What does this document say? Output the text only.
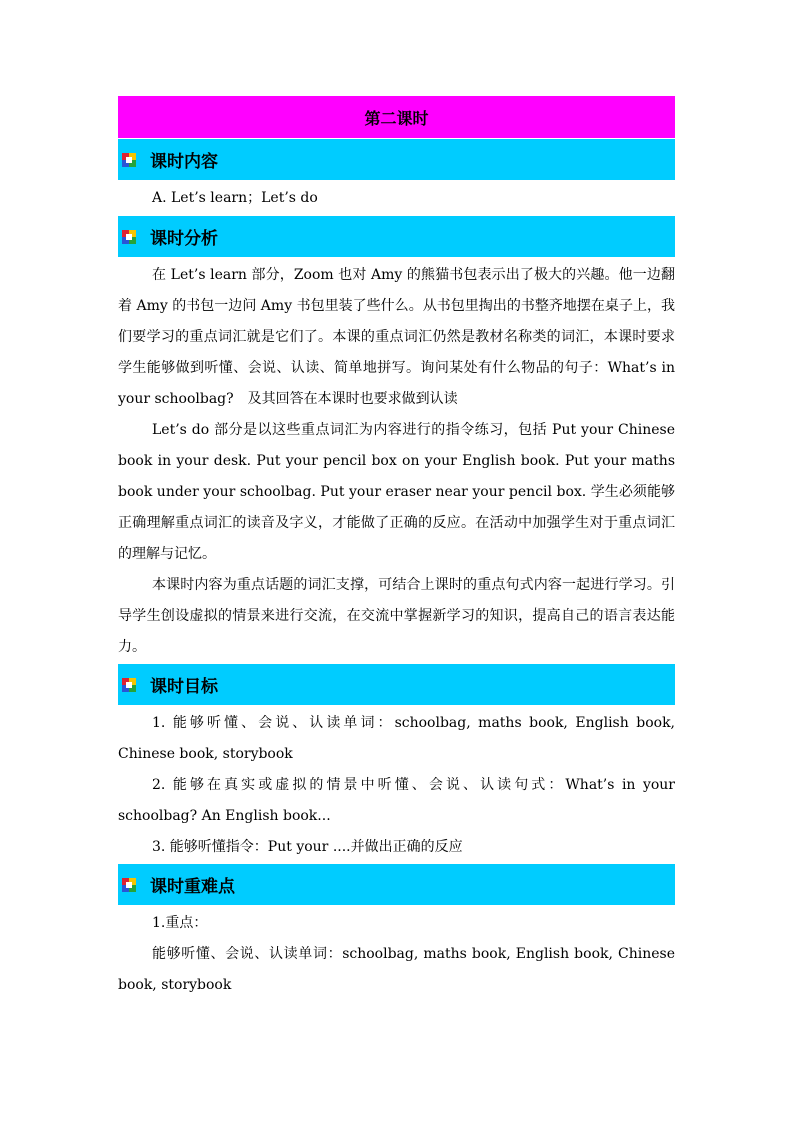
第二课时
课时内容

A. Let’s learn；Let’s do

课时分析

在 Let’s learn 部分，Zoom 也对 Amy 的熊猫书包表示出了极大的兴趣。他一边翻着 Amy 的书包一边问 Amy 书包里装了些什么。从书包里掏出的书整齐地摆在桌子上，我们要学习的重点词汇就是它们了。本课的重点词汇仍然是教材名称类的词汇，本课时要求学生能够做到听懂、会说、认读、简单地拼写。询问某处有什么物品的句子：What’s in your schoolbag?　及其回答在本课时也要求做到认读

Let’s do 部分是以这些重点词汇为内容进行的指令练习，包括 Put your Chinese book in your desk. Put your pencil box on your English book. Put your maths book under your schoolbag. Put your eraser near your pencil box. 学生必须能够正确理解重点词汇的读音及字义，才能做了正确的反应。在活动中加强学生对于重点词汇的理解与记忆。

本课时内容为重点话题的词汇支撑，可结合上课时的重点句式内容一起进行学习。引导学生创设虚拟的情景来进行交流，在交流中掌握新学习的知识，提高自己的语言表达能力。

课时目标

1. 能够听懂、会说、认读单词：schoolbag, maths book, English book, Chinese book, storybook

2. 能够在真实或虚拟的情景中听懂、会说、认读句式：What’s in your schoolbag? An English book...

3. 能够听懂指令：Put your ....并做出正确的反应

课时重难点

1.重点：

能够听懂、会说、认读单词：schoolbag, maths book, English book, Chinese book, storybook
